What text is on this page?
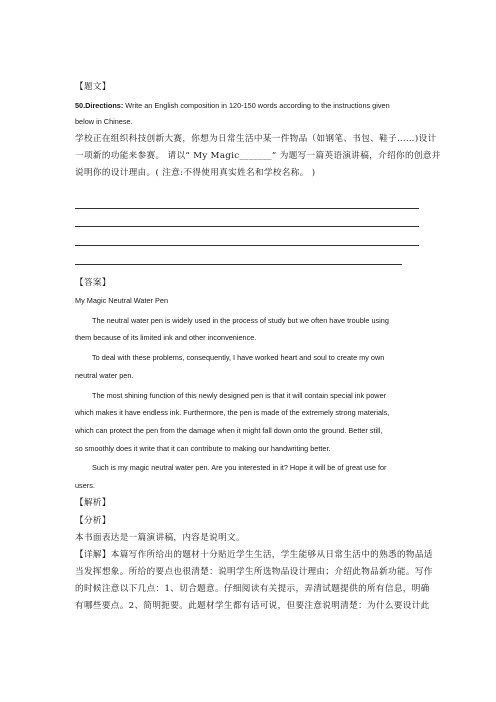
【题文】
50.Directions: Write an English composition in 120-150 words according to the instructions given
below in Chinese.
学校正在组织科技创新大赛，你想为日常生活中某一件物品（如钢笔、书包、鞋子……)设计
一项新的功能来参赛。 请以“ My Magic_______” 为题写一篇英语演讲稿，介绍你的创意并
说明你的设计理由。( 注意:不得使用真实姓名和学校名称。 )
【答案】
My Magic Neutral Water Pen
The neutral water pen is widely used in the process of study but we often have trouble using
them because of its limited ink and other inconvenience.
To deal with these problems, consequently, I have worked heart and soul to create my own
neutral water pen.
The most shining function of this newly designed pen is that it will contain special ink power
which makes it have endless ink. Furthermore, the pen is made of the extremely strong materials,
which can protect the pen from the damage when it might fall down onto the ground. Better still,
so smoothly does it write that it can contribute to making our handwriting better.
Such is my magic neutral water pen. Are you interested in it? Hope it will be of great use for
users.
【解析】
【分析】
本书面表达是一篇演讲稿，内容是说明文。
【详解】本篇写作所给出的题材十分贴近学生生活，学生能够从日常生活中的熟悉的物品适
当发挥想象。所给的要点也很清楚：说明学生所选物品设计理由；介绍此物品新功能。写作
的时候注意以下几点：1、切合题意。仔细阅读有关提示，弄清试题提供的所有信息，明确
有哪些要点。2、简明扼要。此题材学生都有话可说，但要注意说明清楚：为什么要设计此
